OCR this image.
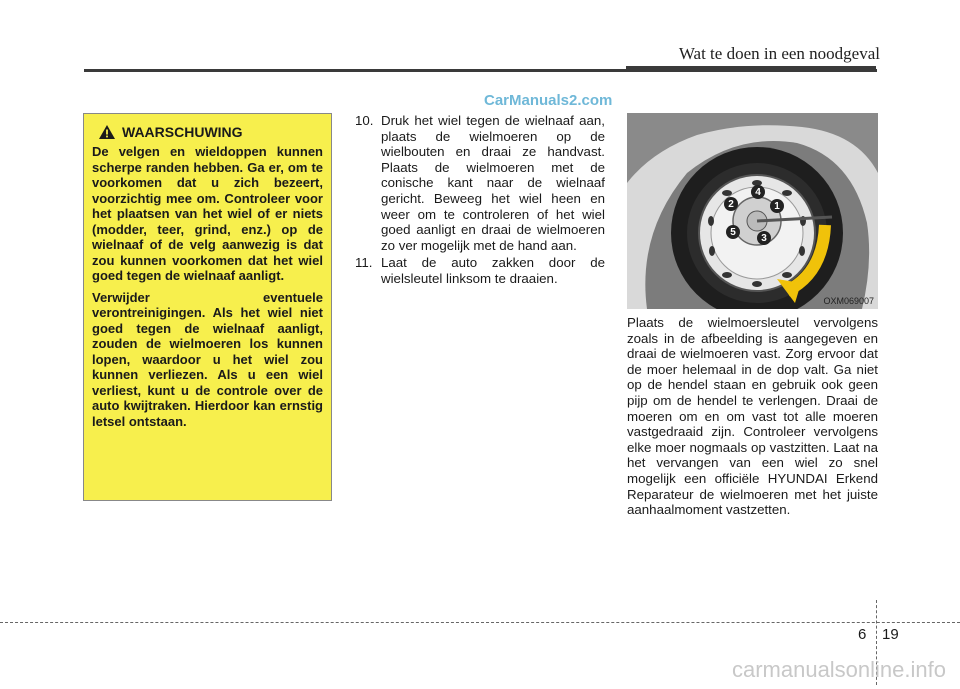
Wat te doen in een noodgeval
CarManuals2.com
WAARSCHUWING

De velgen en wieldoppen kunnen scherpe randen hebben. Ga er, om te voorkomen dat u zich bezeert, voorzichtig mee om. Controleer voor het plaatsen van het wiel of er niets (modder, teer, grind, enz.) op de wielnaaf of de velg aanwezig is dat zou kunnen voorkomen dat het wiel goed tegen de wielnaaf aanligt.

Verwijder eventuele verontreinigingen. Als het wiel niet goed tegen de wielnaaf aanligt, zouden de wielmoeren los kunnen lopen, waardoor u het wiel zou kunnen verliezen. Als u een wiel verliest, kunt u de controle over de auto kwijtraken. Hierdoor kan ernstig letsel ontstaan.

10. Druk het wiel tegen de wielnaaf aan, plaats de wielmoeren op de wielbouten en draai ze handvast. Plaats de wielmoeren met de conische kant naar de wielnaaf gericht. Beweeg het wiel heen en weer om te controleren of het wiel goed aanligt en draai de wielmoeren zo ver mogelijk met de hand aan.
11. Laat de auto zakken door de wielsleutel linksom te draaien.
1
2
3
4
5
OXM069007
Plaats de wielmoersleutel vervolgens zoals in de afbeelding is aangegeven en draai de wielmoeren vast. Zorg ervoor dat de moer helemaal in de dop valt. Ga niet op de hendel staan en gebruik ook geen pijp om de hendel te verlengen. Draai de moeren om en om vast tot alle moeren vastgedraaid zijn. Controleer vervolgens elke moer nogmaals op vastzitten. Laat na het vervangen van een wiel zo snel mogelijk een officiële HYUNDAI Erkend Reparateur de wielmoeren met het juiste aanhaalmoment vastzetten.
6 19
carmanualsonline.info
